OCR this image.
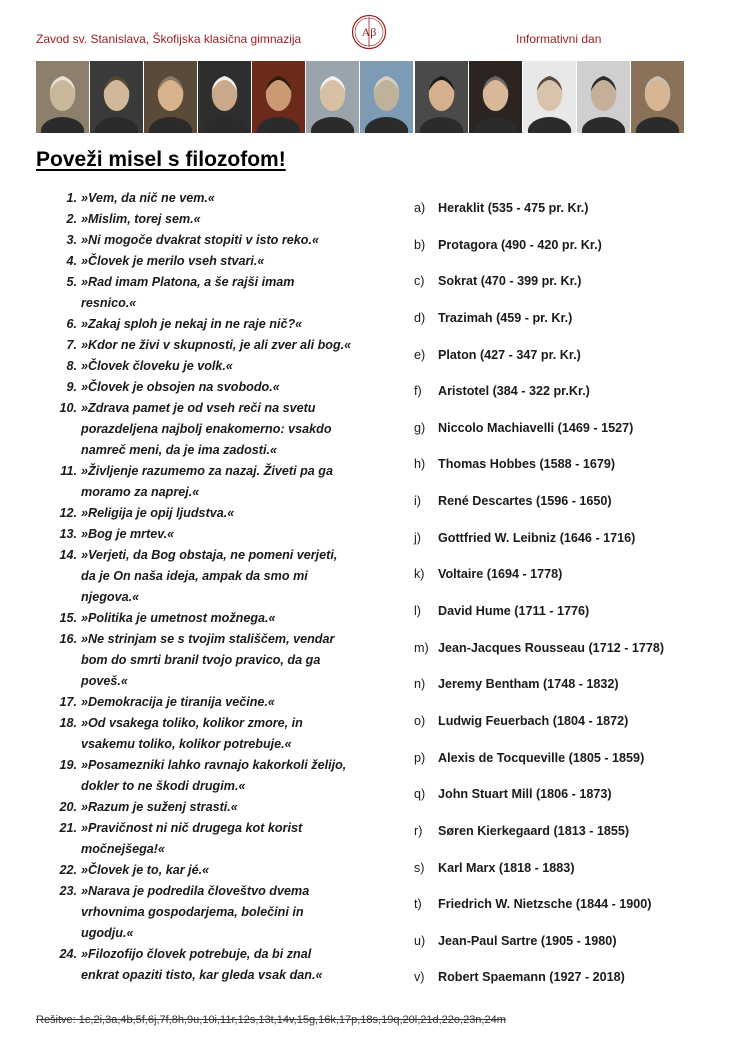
Zavod sv. Stanislava, Škofijska klasična gimnazija	Aβ	Informativni dan
Poveži misel s filozofom!
1. »Vem, da nič ne vem.«
2. »Mislim, torej sem.«
3. »Ni mogoče dvakrat stopiti v isto reko.«
4. »Človek je merilo vseh stvari.«
5. »Rad imam Platona, a še rajši imam resnico.«
6. »Zakaj sploh je nekaj in ne raje nič?«
7. »Kdor ne živi v skupnosti, je ali zver ali bog.«
8. »Človek človeku je volk.«
9. »Človek je obsojen na svobodo.«
10. »Zdrava pamet je od vseh reči na svetu porazdeljena najbolj enakomerno: vsakdo namreč meni, da je ima zadosti.«
11. »Življenje razumemo za nazaj. Živeti pa ga moramo za naprej.«
12. »Religija je opij ljudstva.«
13. »Bog je mrtev.«
14. »Verjeti, da Bog obstaja, ne pomeni verjeti, da je On naša ideja, ampak da smo mi njegova.«
15. »Politika je umetnost možnega.«
16. »Ne strinjam se s tvojim stališčem, vendar bom do smrti branil tvojo pravico, da ga poveš.«
17. »Demokracija je tiranija večine.«
18. »Od vsakega toliko, kolikor zmore, in vsakemu toliko, kolikor potrebuje.«
19. »Posamezniki lahko ravnajo kakorkoli želijo, dokler to ne škodi drugim.«
20. »Razum je suženj strasti.«
21. »Pravičnost ni nič drugega kot korist močnejšega!«
22. »Človek je to, kar jé.«
23. »Narava je podredila človeštvo dvema vrhovnima gospodarjema, bolečini in ugodju.«
24. »Filozofijo človek potrebuje, da bi znal enkrat opaziti tisto, kar gleda vsak dan.«
a)	Heraklit (535 - 475 pr. Kr.)
b)	Protagora (490 - 420 pr. Kr.)
c)	Sokrat (470 - 399 pr. Kr.)
d)	Trazimah (459 - pr. Kr.)
e)	Platon (427 - 347 pr. Kr.)
f)	Aristotel (384 - 322 pr.Kr.)
g)	Niccolo Machiavelli (1469 - 1527)
h)	Thomas Hobbes (1588 - 1679)
i)	René Descartes (1596 - 1650)
j)	Gottfried W. Leibniz (1646 - 1716)
k)	Voltaire (1694 - 1778)
l)	David Hume (1711 - 1776)
m) Jean-Jacques Rousseau (1712 - 1778)
n)	Jeremy Bentham (1748 - 1832)
o)	Ludwig Feuerbach (1804 - 1872)
p)	Alexis de Tocqueville (1805 - 1859)
q)	John Stuart Mill (1806 - 1873)
r)	Søren Kierkegaard (1813 - 1855)
s)	Karl Marx (1818 - 1883)
t)	Friedrich W. Nietzsche (1844 - 1900)
u)	Jean-Paul Sartre (1905 - 1980)
v)	Robert Spaemann (1927 - 2018)
Rešitve: 1c,2i,3a,4b,5f,6j,7f,8h,9u,10i,11r,12s,13t,14v,15g,16k,17p,18s,19q,20l,21d,22o,23n,24m
